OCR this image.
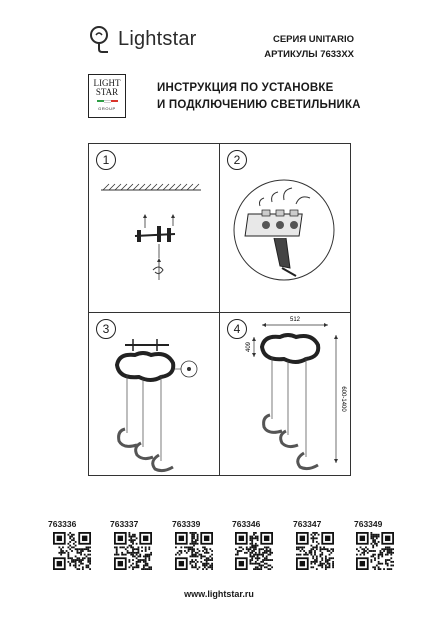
Lightstar	СЕРИЯ UNITARIO
АРТИКУЛЫ 7633XX
LIGHT
STAR
GROUP
ИНСТРУКЦИЯ ПО УСТАНОВКЕ
И ПОДКЛЮЧЕНИЮ СВЕТИЛЬНИКА
1	2
3	4
512
409
600-1400
763336	763337	763339	763346	763347	763349
www.lightstar.ru
